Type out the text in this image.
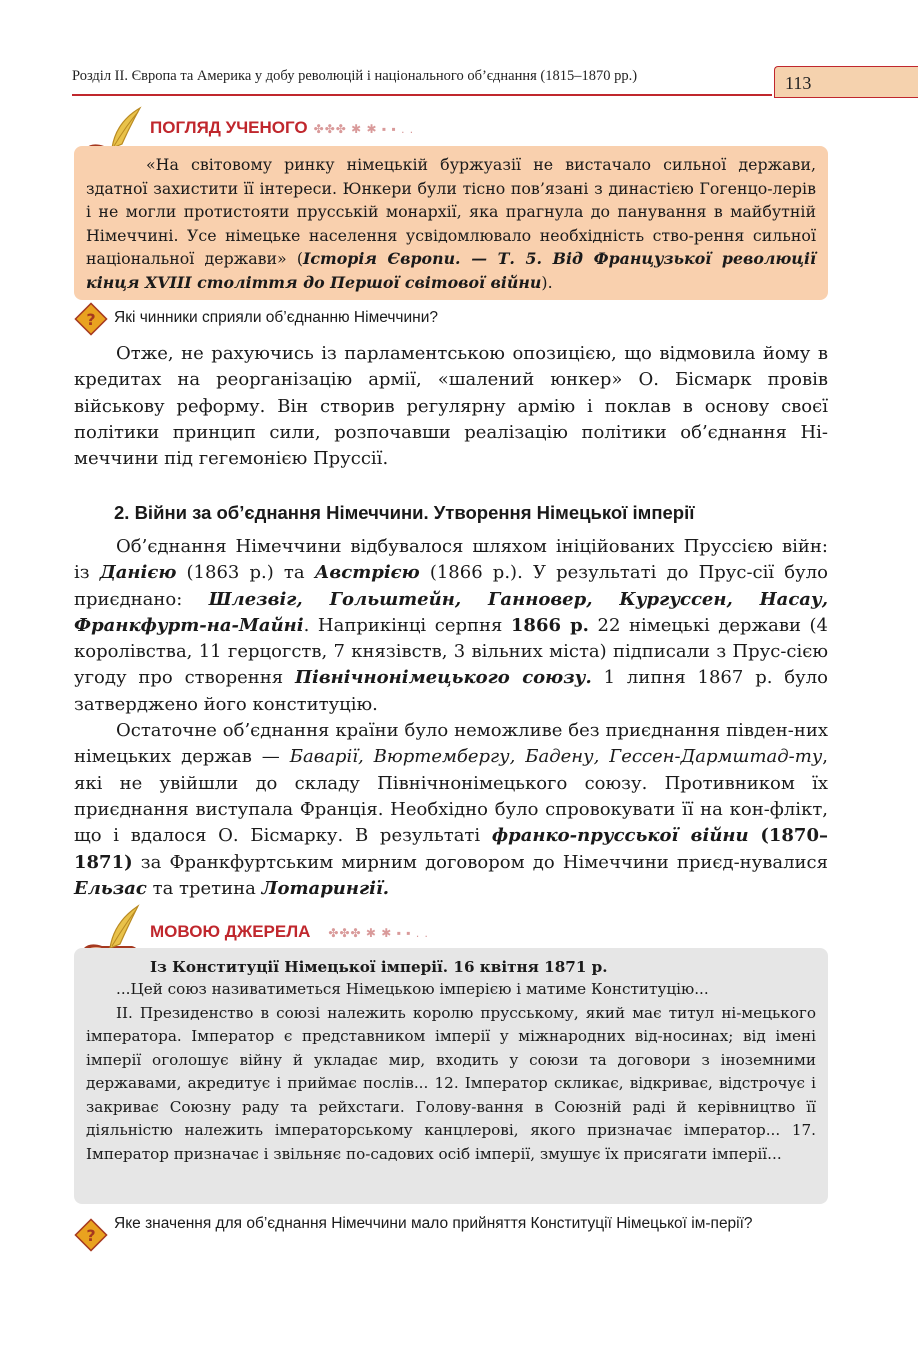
Розділ II. Європа та Америка у добу революцій і національного об’єднання (1815–1870 рр.)	113
ПОГЛЯД УЧЕНОГО ✤✤✤ ✱ ✱ ▪ ▪ . .

«На світовому ринку німецькій буржуазії не вистачало сильної держави, здатної захистити її інтереси. Юнкери були тісно пов’язані з династією Гогенцо-лерів і не могли протистояти прусській монархії, яка прагнула до панування в майбутній Німеччині. Усе німецьке населення усвідомлювало необхідність ство-рення сильної національної держави» (Історія Європи. — Т. 5. Від Французької революції кінця XVIII століття до Першої світової війни).

? Які чинники сприяли об’єднанню Німеччини?

Отже, не рахуючись із парламентською опозицією, що відмовила йому в кредитах на реорганізацію армії, «шалений юнкер» О. Бісмарк провів військову реформу. Він створив регулярну армію і поклав в основу своєї політики принцип сили, розпочавши реалізацію політики об’єднання Ні-меччини під гегемонією Пруссії.

2. Війни за об’єднання Німеччини. Утворення Німецької імперії

Об’єднання Німеччини відбувалося шляхом ініційованих Пруссією війн: із Данією (1863 р.) та Австрією (1866 р.). У результаті до Прус-сії було приєднано: Шлезвіг, Гольштейн, Ганновер, Кургуссен, Насау, Франкфурт-на-Майні. Наприкінці серпня 1866 р. 22 німецькі держави (4 королівства, 11 герцогств, 7 князівств, 3 вільних міста) підписали з Прус-сією угоду про створення Північнонімецького союзу. 1 липня 1867 р. було затверджено його конституцію.

Остаточне об’єднання країни було неможливе без приєднання півден-них німецьких держав — Баварії, Вюртембергу, Бадену, Гессен-Дармштад-ту, які не увійшли до складу Північнонімецького союзу. Противником їх приєднання виступала Франція. Необхідно було спровокувати її на кон-флікт, що і вдалося О. Бісмарку. В результаті франко-прусської війни (1870–1871) за Франкфуртським мирним договором до Німеччини приєд-нувалися Ельзас та третина Лотарингії.

МОВОЮ ДЖЕРЕЛА ✤✤✤ ✱ ✱ ▪ ▪ . .
Із Конституції Німецької імперії. 16 квітня 1871 р.

...Цей союз називатиметься Німецькою імперією і матиме Конституцію...

II. Президенство в союзі належить королю прусському, який має титул ні-мецького імператора. Імператор є представником імперії у міжнародних від-носинах; від імені імперії оголошує війну й укладає мир, входить у союзи та договори з іноземними державами, акредитує і приймає послів... 12. Імператор скликає, відкриває, відстрочує і закриває Союзну раду та рейхстаги. Голову-вання в Союзній раді й керівництво її діяльністю належить імператорському канцлерові, якого призначає імператор... 17. Імператор призначає і звільняє по-садових осіб імперії, змушує їх присягати імперії...

?
Яке значення для об’єднання Німеччини мало прийняття Конституції Німецької ім-перії?
